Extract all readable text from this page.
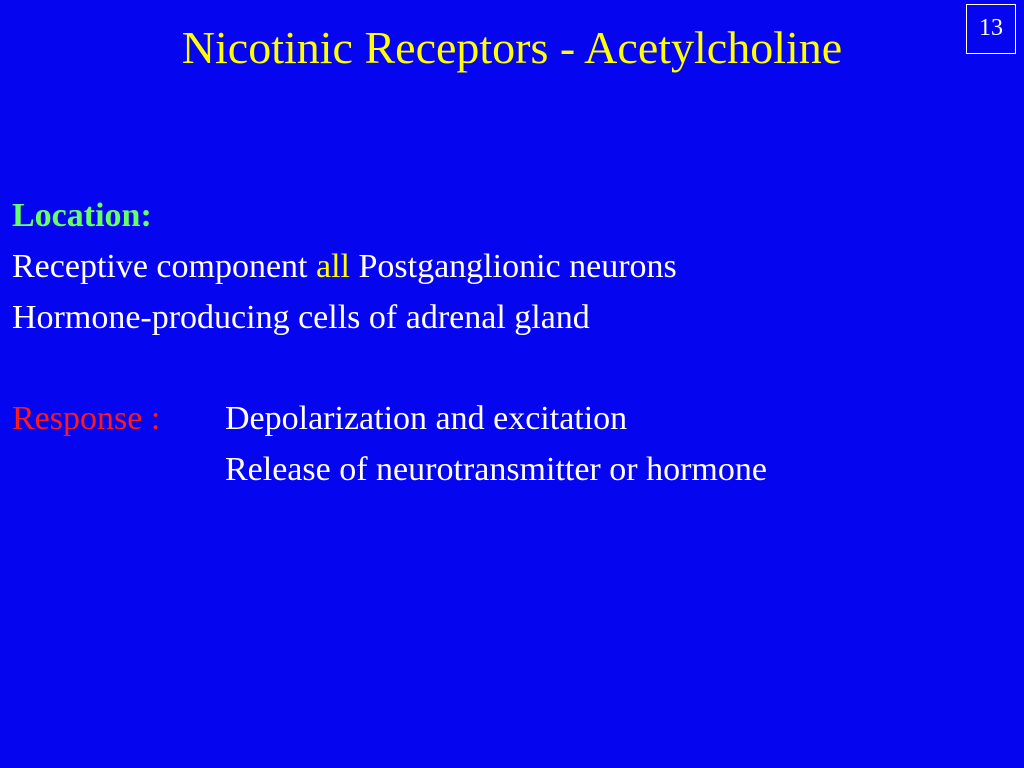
13
Nicotinic Receptors - Acetylcholine
Location:
Receptive component all Postganglionic neurons
Hormone-producing cells of adrenal gland
Response : Depolarization and excitation
Release of neurotransmitter or hormone
